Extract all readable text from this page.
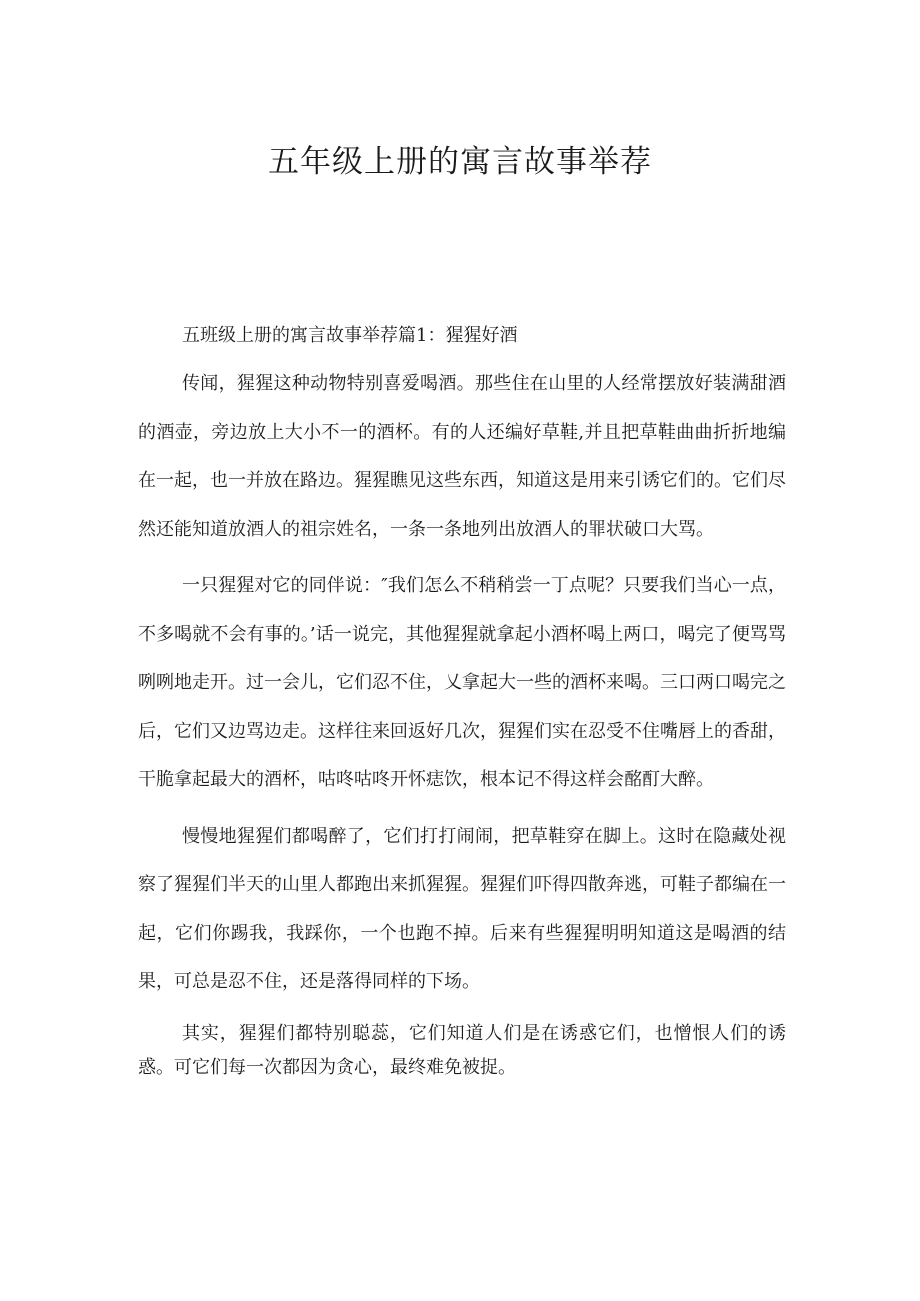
五年级上册的寓言故事举荐

五班级上册的寓言故事举荐篇1：猩猩好酒

传闻，猩猩这种动物特别喜爱喝酒。那些住在山里的人经常摆放好装满甜酒的酒壶，旁边放上大小不一的酒杯。有的人还编好草鞋,并且把草鞋曲曲折折地编在一起，也一并放在路边。猩猩瞧见这些东西，知道这是用来引诱它们的。它们尽然还能知道放酒人的祖宗姓名，一条一条地列出放酒人的罪状破口大骂。

一只猩猩对它的同伴说：″我们怎么不稍稍尝一丁点呢？只要我们当心一点，不多喝就不会有事的。’话一说完，其他猩猩就拿起小酒杯喝上两口，喝完了便骂骂咧咧地走开。过一会儿，它们忍不住，乂拿起大一些的酒杯来喝。三口两口喝完之后，它们又边骂边走。这样往来回返好几次，猩猩们实在忍受不住嘴唇上的香甜，干脆拿起最大的酒杯，咕咚咕咚开怀痣饮，根本记不得这样会酩酊大醉。

慢慢地猩猩们都喝醉了，它们打打闹闹，把草鞋穿在脚上。这时在隐藏处视察了猩猩们半天的山里人都跑出来抓猩猩。猩猩们吓得四散奔逃，可鞋子都编在一起，它们你踢我，我踩你，一个也跑不掉。后来有些猩猩明明知道这是喝酒的结果，可总是忍不住，还是落得同样的下场。

其实，猩猩们都特别聪蕊，它们知道人们是在诱惑它们，也憎恨人们的诱惑。可它们每一次都因为贪心，最终难免被捉。
